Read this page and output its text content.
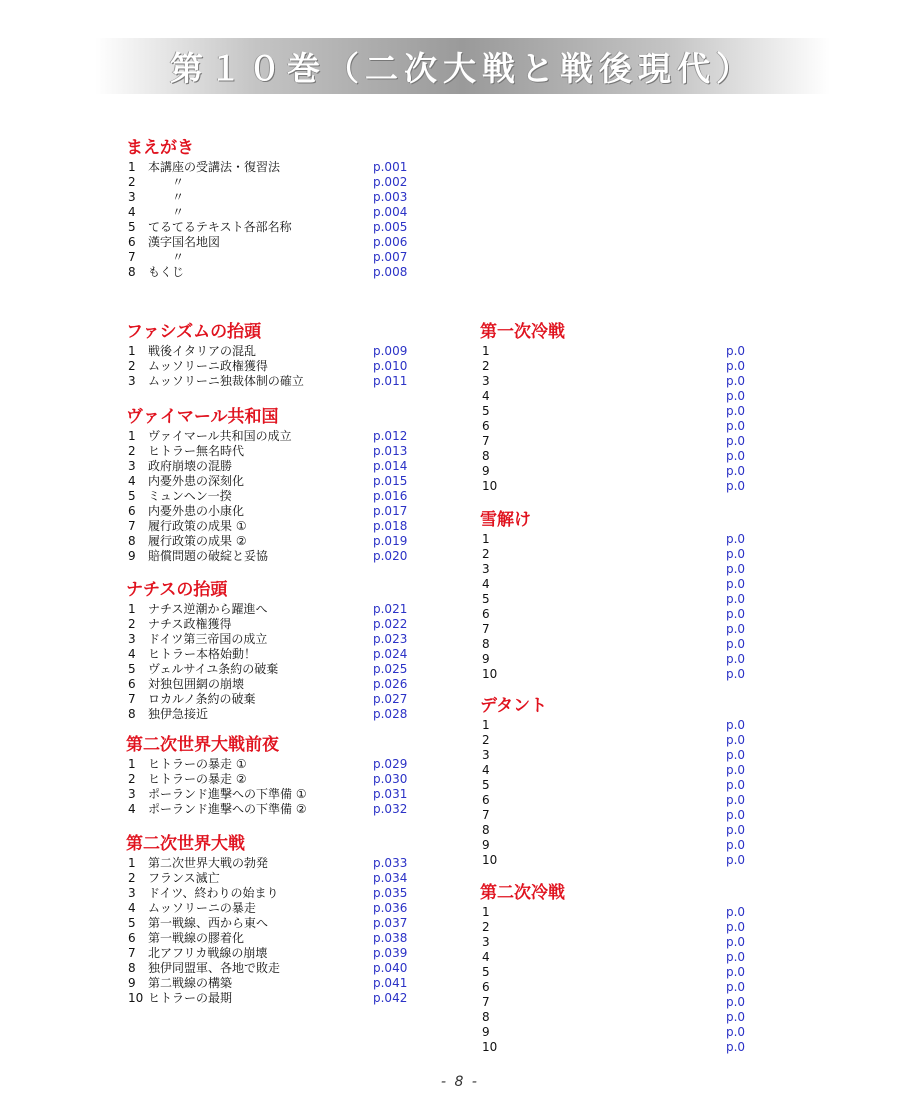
第１０巻（二次大戦と戦後現代）
まえがき
1	本講座の受講法・復習法	p.001
2	　　〃	p.002
3	　　〃	p.003
4	　　〃	p.004
5	てるてるテキスト各部名称	p.005
6	漢字国名地図	p.006
7	　　〃	p.007
8	もくじ	p.008
ファシズムの抬頭
1	戦後イタリアの混乱	p.009
2	ムッソリーニ政権獲得	p.010
3	ムッソリーニ独裁体制の確立	p.011
ヴァイマール共和国
1	ヴァイマール共和国の成立	p.012
2	ヒトラー無名時代	p.013
3	政府崩壊の混勝	p.014
4	内憂外患の深刻化	p.015
5	ミュンヘン一揆	p.016
6	内憂外患の小康化	p.017
7	履行政策の成果 ①	p.018
8	履行政策の成果 ②	p.019
9	賠償問題の破綻と妥協	p.020
ナチスの抬頭
1	ナチス逆潮から躍進へ	p.021
2	ナチス政権獲得	p.022
3	ドイツ第三帝国の成立	p.023
4	ヒトラー本格始動！	p.024
5	ヴェルサイユ条約の破棄	p.025
6	対独包囲網の崩壊	p.026
7	ロカルノ条約の破棄	p.027
8	独伊急接近	p.028
第二次世界大戦前夜
1	ヒトラーの暴走 ①	p.029
2	ヒトラーの暴走 ②	p.030
3	ポーランド進撃への下準備 ①	p.031
4	ポーランド進撃への下準備 ②	p.032
第二次世界大戦
1	第二次世界大戦の勃発	p.033
2	フランス滅亡	p.034
3	ドイツ、終わりの始まり	p.035
4	ムッソリーニの暴走	p.036
5	第一戦線、西から東へ	p.037
6	第一戦線の膠着化	p.038
7	北アフリカ戦線の崩壊	p.039
8	独伊同盟軍、各地で敗走	p.040
9	第二戦線の構築	p.041
10 ヒトラーの最期	p.042
第一次冷戦
1	p.0
2	p.0
3	p.0
4	p.0
5	p.0
6	p.0
7	p.0
8	p.0
9	p.0
10	p.0
雪解け
1	p.0
2	p.0
3	p.0
4	p.0
5	p.0
6	p.0
7	p.0
8	p.0
9	p.0
10	p.0
デタント
1	p.0
2	p.0
3	p.0
4	p.0
5	p.0
6	p.0
7	p.0
8	p.0
9	p.0
10	p.0
第二次冷戦
1	p.0
2	p.0
3	p.0
4	p.0
5	p.0
6	p.0
7	p.0
8	p.0
9	p.0
10	p.0
- 8 -
